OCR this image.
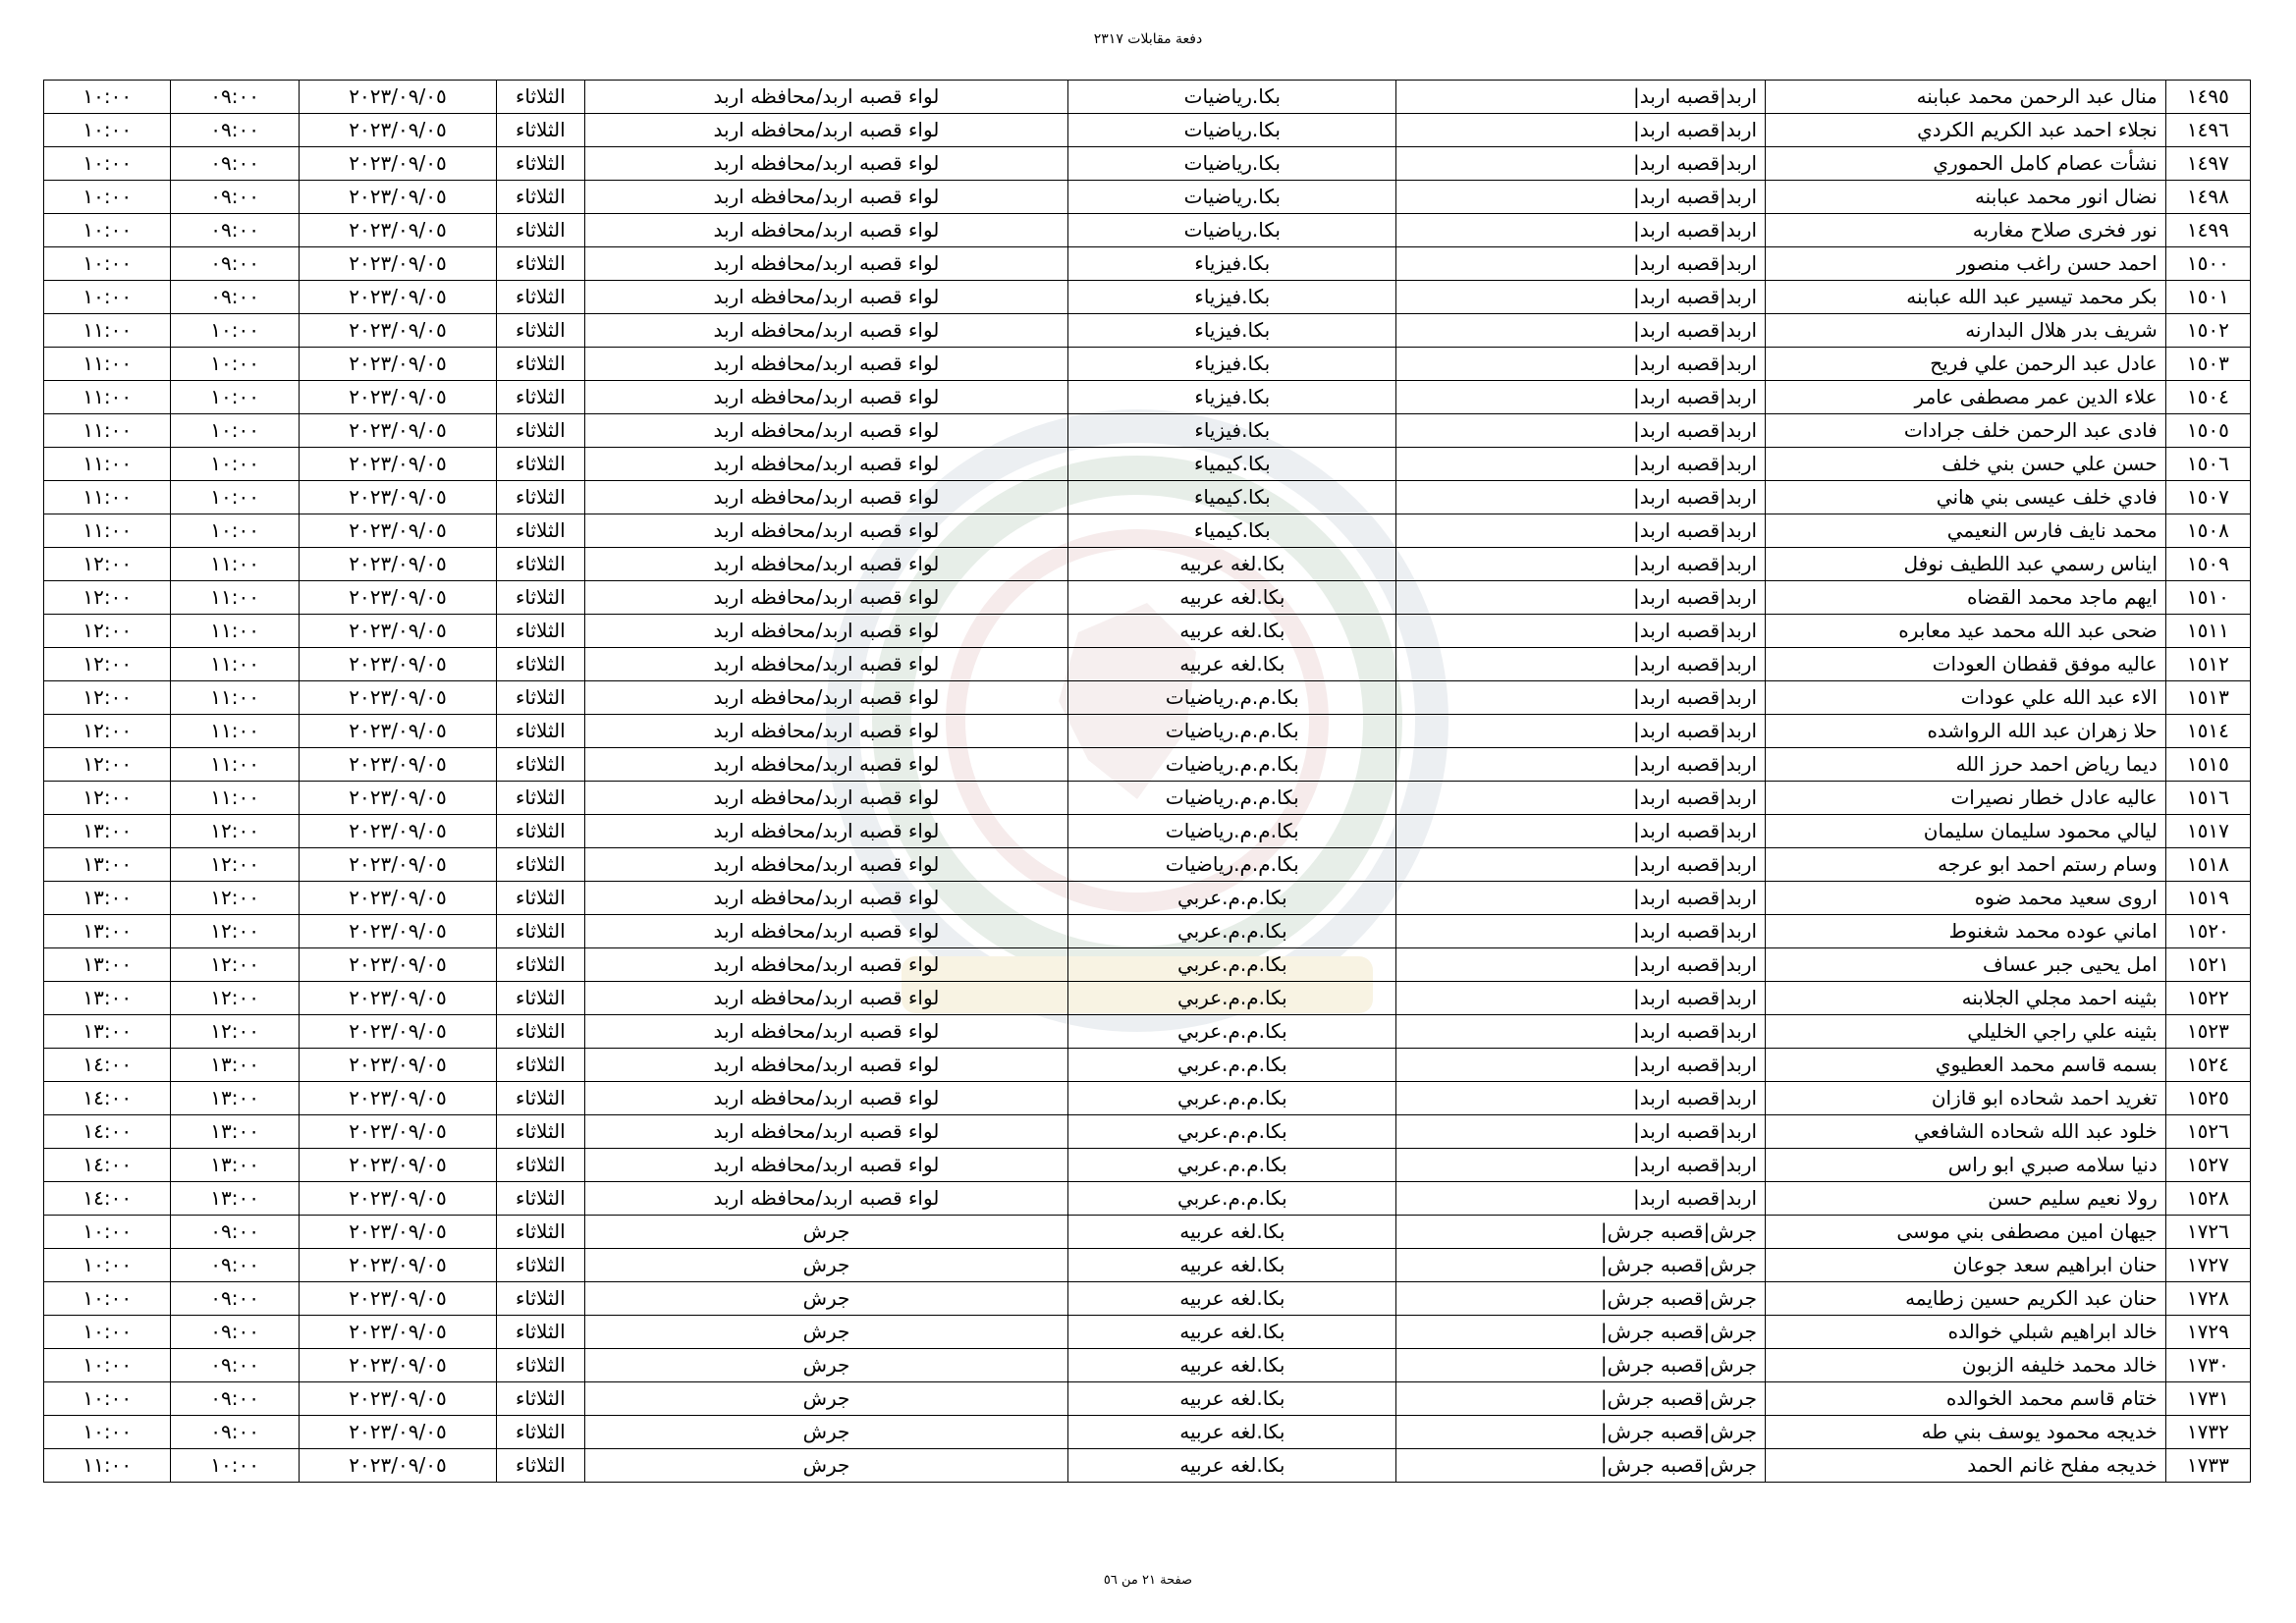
دفعة مقابلات ٢٣١٧
١٤٩٥	منال عبد الرحمن محمد عبابنه	اربد|قصبه اربد|	بكا.رياضيات	لواء قصبه اربد/محافظه اربد	الثلاثاء	٢٠٢٣/٠٩/٠٥	٠٩:٠٠	١٠:٠٠
١٤٩٦	نجلاء احمد عبد الكريم الكردي	اربد|قصبه اربد|	بكا.رياضيات	لواء قصبه اربد/محافظه اربد	الثلاثاء	٢٠٢٣/٠٩/٠٥	٠٩:٠٠	١٠:٠٠
١٤٩٧	نشأت عصام كامل الحموري	اربد|قصبه اربد|	بكا.رياضيات	لواء قصبه اربد/محافظه اربد	الثلاثاء	٢٠٢٣/٠٩/٠٥	٠٩:٠٠	١٠:٠٠
١٤٩٨	نضال انور محمد عبابنه	اربد|قصبه اربد|	بكا.رياضيات	لواء قصبه اربد/محافظه اربد	الثلاثاء	٢٠٢٣/٠٩/٠٥	٠٩:٠٠	١٠:٠٠
١٤٩٩	نور فخرى صلاح مغاربه	اربد|قصبه اربد|	بكا.رياضيات	لواء قصبه اربد/محافظه اربد	الثلاثاء	٢٠٢٣/٠٩/٠٥	٠٩:٠٠	١٠:٠٠
١٥٠٠	احمد حسن راغب منصور	اربد|قصبه اربد|	بكا.فيزياء	لواء قصبه اربد/محافظه اربد	الثلاثاء	٢٠٢٣/٠٩/٠٥	٠٩:٠٠	١٠:٠٠
١٥٠١	بكر محمد تيسير عبد الله عبابنه	اربد|قصبه اربد|	بكا.فيزياء	لواء قصبه اربد/محافظه اربد	الثلاثاء	٢٠٢٣/٠٩/٠٥	٠٩:٠٠	١٠:٠٠
١٥٠٢	شريف بدر هلال البدارنه	اربد|قصبه اربد|	بكا.فيزياء	لواء قصبه اربد/محافظه اربد	الثلاثاء	٢٠٢٣/٠٩/٠٥	١٠:٠٠	١١:٠٠
١٥٠٣	عادل عبد الرحمن علي فريح	اربد|قصبه اربد|	بكا.فيزياء	لواء قصبه اربد/محافظه اربد	الثلاثاء	٢٠٢٣/٠٩/٠٥	١٠:٠٠	١١:٠٠
١٥٠٤	علاء الدين عمر مصطفى عامر	اربد|قصبه اربد|	بكا.فيزياء	لواء قصبه اربد/محافظه اربد	الثلاثاء	٢٠٢٣/٠٩/٠٥	١٠:٠٠	١١:٠٠
١٥٠٥	فادى عبد الرحمن خلف جرادات	اربد|قصبه اربد|	بكا.فيزياء	لواء قصبه اربد/محافظه اربد	الثلاثاء	٢٠٢٣/٠٩/٠٥	١٠:٠٠	١١:٠٠
١٥٠٦	حسن علي حسن بني خلف	اربد|قصبه اربد|	بكا.كيمياء	لواء قصبه اربد/محافظه اربد	الثلاثاء	٢٠٢٣/٠٩/٠٥	١٠:٠٠	١١:٠٠
١٥٠٧	فادي خلف عيسى بني هاني	اربد|قصبه اربد|	بكا.كيمياء	لواء قصبه اربد/محافظه اربد	الثلاثاء	٢٠٢٣/٠٩/٠٥	١٠:٠٠	١١:٠٠
١٥٠٨	محمد نايف فارس النعيمي	اربد|قصبه اربد|	بكا.كيمياء	لواء قصبه اربد/محافظه اربد	الثلاثاء	٢٠٢٣/٠٩/٠٥	١٠:٠٠	١١:٠٠
١٥٠٩	ايناس رسمي عبد اللطيف نوفل	اربد|قصبه اربد|	بكا.لغه عربيه	لواء قصبه اربد/محافظه اربد	الثلاثاء	٢٠٢٣/٠٩/٠٥	١١:٠٠	١٢:٠٠
١٥١٠	ايهم ماجد محمد القضاه	اربد|قصبه اربد|	بكا.لغه عربيه	لواء قصبه اربد/محافظه اربد	الثلاثاء	٢٠٢٣/٠٩/٠٥	١١:٠٠	١٢:٠٠
١٥١١	ضحى عبد الله محمد عيد معابره	اربد|قصبه اربد|	بكا.لغه عربيه	لواء قصبه اربد/محافظه اربد	الثلاثاء	٢٠٢٣/٠٩/٠٥	١١:٠٠	١٢:٠٠
١٥١٢	عاليه موفق قفطان العودات	اربد|قصبه اربد|	بكا.لغه عربيه	لواء قصبه اربد/محافظه اربد	الثلاثاء	٢٠٢٣/٠٩/٠٥	١١:٠٠	١٢:٠٠
١٥١٣	الاء عبد الله علي عودات	اربد|قصبه اربد|	بكا.م.م.رياضيات	لواء قصبه اربد/محافظه اربد	الثلاثاء	٢٠٢٣/٠٩/٠٥	١١:٠٠	١٢:٠٠
١٥١٤	حلا زهران عبد الله الرواشده	اربد|قصبه اربد|	بكا.م.م.رياضيات	لواء قصبه اربد/محافظه اربد	الثلاثاء	٢٠٢٣/٠٩/٠٥	١١:٠٠	١٢:٠٠
١٥١٥	ديما رياض احمد حرز الله	اربد|قصبه اربد|	بكا.م.م.رياضيات	لواء قصبه اربد/محافظه اربد	الثلاثاء	٢٠٢٣/٠٩/٠٥	١١:٠٠	١٢:٠٠
١٥١٦	عاليه عادل خطار نصيرات	اربد|قصبه اربد|	بكا.م.م.رياضيات	لواء قصبه اربد/محافظه اربد	الثلاثاء	٢٠٢٣/٠٩/٠٥	١١:٠٠	١٢:٠٠
١٥١٧	ليالي محمود سليمان سليمان	اربد|قصبه اربد|	بكا.م.م.رياضيات	لواء قصبه اربد/محافظه اربد	الثلاثاء	٢٠٢٣/٠٩/٠٥	١٢:٠٠	١٣:٠٠
١٥١٨	وسام رستم احمد ابو عرجه	اربد|قصبه اربد|	بكا.م.م.رياضيات	لواء قصبه اربد/محافظه اربد	الثلاثاء	٢٠٢٣/٠٩/٠٥	١٢:٠٠	١٣:٠٠
١٥١٩	اروى سعيد محمد ضوه	اربد|قصبه اربد|	بكا.م.م.عربي	لواء قصبه اربد/محافظه اربد	الثلاثاء	٢٠٢٣/٠٩/٠٥	١٢:٠٠	١٣:٠٠
١٥٢٠	اماني عوده محمد شغنوط	اربد|قصبه اربد|	بكا.م.م.عربي	لواء قصبه اربد/محافظه اربد	الثلاثاء	٢٠٢٣/٠٩/٠٥	١٢:٠٠	١٣:٠٠
١٥٢١	امل يحيى جبر عساف	اربد|قصبه اربد|	بكا.م.م.عربي	لواء قصبه اربد/محافظه اربد	الثلاثاء	٢٠٢٣/٠٩/٠٥	١٢:٠٠	١٣:٠٠
١٥٢٢	بثينه احمد مجلي الجلابنه	اربد|قصبه اربد|	بكا.م.م.عربي	لواء قصبه اربد/محافظه اربد	الثلاثاء	٢٠٢٣/٠٩/٠٥	١٢:٠٠	١٣:٠٠
١٥٢٣	بثينه علي راجي الخليلي	اربد|قصبه اربد|	بكا.م.م.عربي	لواء قصبه اربد/محافظه اربد	الثلاثاء	٢٠٢٣/٠٩/٠٥	١٢:٠٠	١٣:٠٠
١٥٢٤	بسمه قاسم محمد العطيوي	اربد|قصبه اربد|	بكا.م.م.عربي	لواء قصبه اربد/محافظه اربد	الثلاثاء	٢٠٢٣/٠٩/٠٥	١٣:٠٠	١٤:٠٠
١٥٢٥	تغريد احمد شحاده ابو قازان	اربد|قصبه اربد|	بكا.م.م.عربي	لواء قصبه اربد/محافظه اربد	الثلاثاء	٢٠٢٣/٠٩/٠٥	١٣:٠٠	١٤:٠٠
١٥٢٦	خلود عبد الله شحاده الشافعي	اربد|قصبه اربد|	بكا.م.م.عربي	لواء قصبه اربد/محافظه اربد	الثلاثاء	٢٠٢٣/٠٩/٠٥	١٣:٠٠	١٤:٠٠
١٥٢٧	دنيا سلامه صبري ابو راس	اربد|قصبه اربد|	بكا.م.م.عربي	لواء قصبه اربد/محافظه اربد	الثلاثاء	٢٠٢٣/٠٩/٠٥	١٣:٠٠	١٤:٠٠
١٥٢٨	رولا نعيم سليم حسن	اربد|قصبه اربد|	بكا.م.م.عربي	لواء قصبه اربد/محافظه اربد	الثلاثاء	٢٠٢٣/٠٩/٠٥	١٣:٠٠	١٤:٠٠
١٧٢٦	جيهان امين مصطفى بني موسى	جرش|قصبه جرش|	بكا.لغه عربيه	جرش	الثلاثاء	٢٠٢٣/٠٩/٠٥	٠٩:٠٠	١٠:٠٠
١٧٢٧	حنان ابراهيم سعد جوعان	جرش|قصبه جرش|	بكا.لغه عربيه	جرش	الثلاثاء	٢٠٢٣/٠٩/٠٥	٠٩:٠٠	١٠:٠٠
١٧٢٨	حنان عبد الكريم حسين زطايمه	جرش|قصبه جرش|	بكا.لغه عربيه	جرش	الثلاثاء	٢٠٢٣/٠٩/٠٥	٠٩:٠٠	١٠:٠٠
١٧٢٩	خالد ابراهيم شبلي خوالده	جرش|قصبه جرش|	بكا.لغه عربيه	جرش	الثلاثاء	٢٠٢٣/٠٩/٠٥	٠٩:٠٠	١٠:٠٠
١٧٣٠	خالد محمد خليفه الزبون	جرش|قصبه جرش|	بكا.لغه عربيه	جرش	الثلاثاء	٢٠٢٣/٠٩/٠٥	٠٩:٠٠	١٠:٠٠
١٧٣١	ختام قاسم محمد الخوالده	جرش|قصبه جرش|	بكا.لغه عربيه	جرش	الثلاثاء	٢٠٢٣/٠٩/٠٥	٠٩:٠٠	١٠:٠٠
١٧٣٢	خديجه محمود يوسف بني طه	جرش|قصبه جرش|	بكا.لغه عربيه	جرش	الثلاثاء	٢٠٢٣/٠٩/٠٥	٠٩:٠٠	١٠:٠٠
١٧٣٣	خديجه مفلح غانم الحمد	جرش|قصبه جرش|	بكا.لغه عربيه	جرش	الثلاثاء	٢٠٢٣/٠٩/٠٥	١٠:٠٠	١١:٠٠
صفحة ٢١ من ٥٦
